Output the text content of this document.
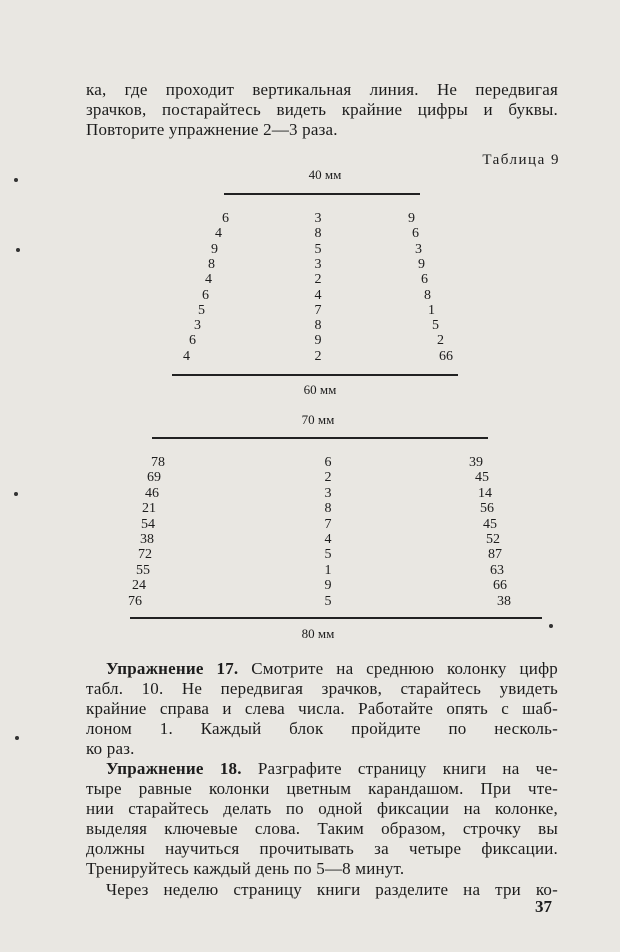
ка, где проходит вертикальная линия. Не передвигая
зрачков, постарайтесь видеть крайние цифры и буквы.
Повторите упражнение 2—3 раза.
Таблица 9
40 мм
6
4
9
8
4
6
5
3
6
4
3
8
5
3
2
4
7
8
9
2
9
6
3
9
6
8
1
5
2
66
60 мм
70 мм
78
69
46
21
54
38
72
55
24
76
6
2
3
8
7
4
5
1
9
5
39
45
14
56
45
52
87
63
66
38
80 мм
Упражнение 17. Смотрите на среднюю колонку цифр
табл. 10. Не передвигая зрачков, старайтесь увидеть
крайние справа и слева числа. Работайте опять с шаб-
лоном 1. Каждый блок пройдите по несколь-
ко раз.
Упражнение 18. Разграфите страницу книги на че-
тыре равные колонки цветным карандашом. При чте-
нии старайтесь делать по одной фиксации на колонке,
выделяя ключевые слова. Таким образом, строчку вы
должны научиться прочитывать за четыре фиксации.
Тренируйтесь каждый день по 5—8 минут.
Через неделю страницу книги разделите на три ко-
37
